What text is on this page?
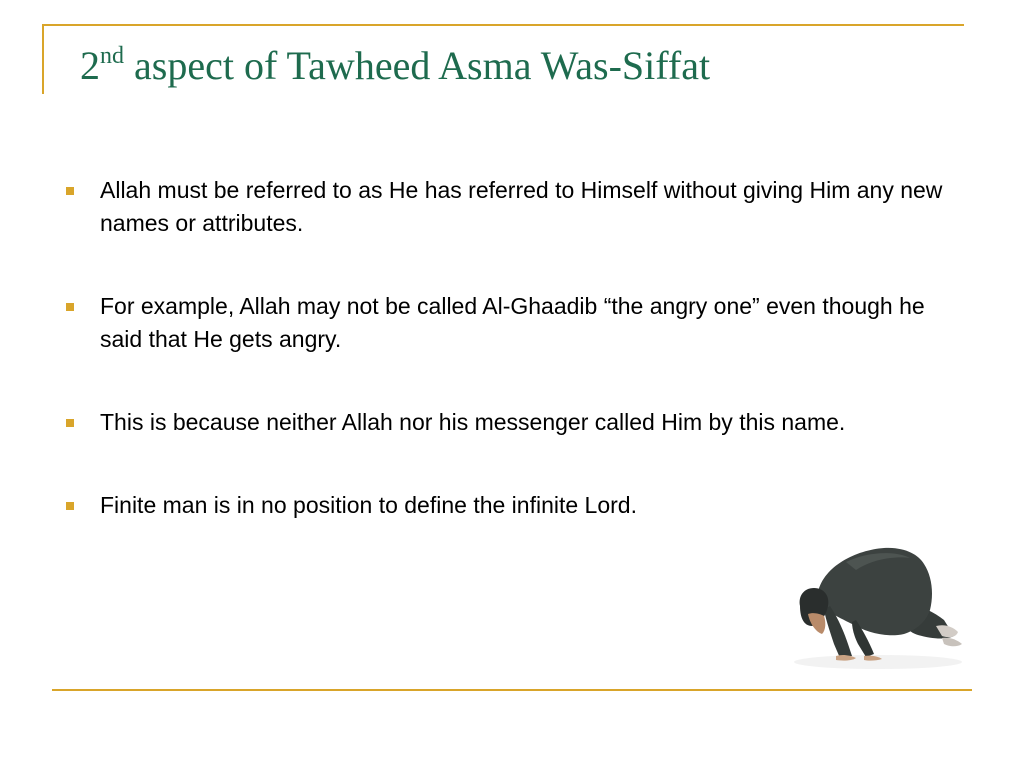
2nd aspect of Tawheed Asma Was-Siffat
Allah must be referred to as He has referred to Himself without giving Him any new names or attributes.
For example, Allah may not be called Al-Ghaadib “the angry one” even though he said that He gets angry.
This is because neither Allah nor his messenger called Him by this name.
Finite man is in no position to define the infinite Lord.
